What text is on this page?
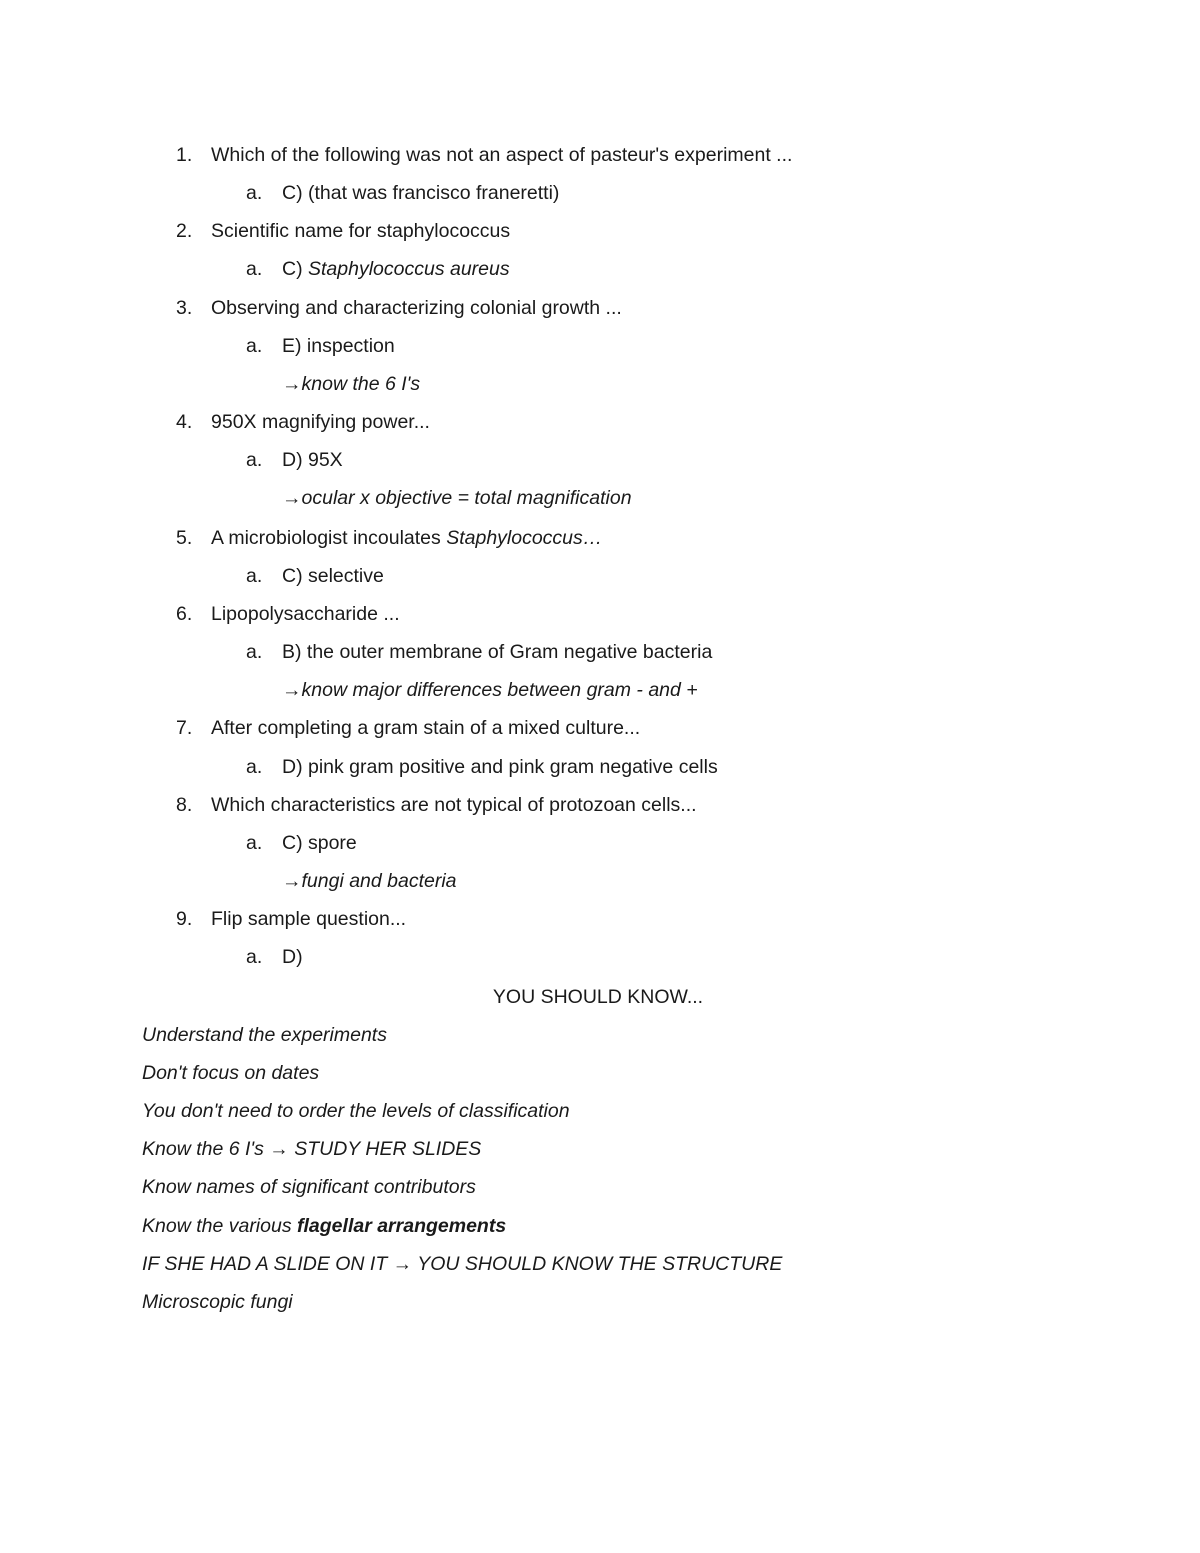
1. Which of the following was not an aspect of pasteur's experiment ...
a. C) (that was francisco franeretti)
2. Scientific name for staphylococcus
a. C) Staphylococcus aureus
3. Observing and characterizing colonial growth ...
a. E) inspection
→know the 6 I's
4. 950X magnifying power...
a. D) 95X
→ocular x objective = total magnification
5. A microbiologist incoulates Staphylococcus…
a. C) selective
6. Lipopolysaccharide ...
a. B) the outer membrane of Gram negative bacteria
→know major differences between gram - and +
7. After completing a gram stain of a mixed culture...
a. D) pink gram positive and pink gram negative cells
8. Which characteristics are not typical of protozoan cells...
a. C) spore
→fungi and bacteria
9. Flip sample question...
a. D)
YOU SHOULD KNOW...
Understand the experiments
Don't focus on dates
You don't need to order the levels of classification
Know the 6 I's → STUDY HER SLIDES
Know names of significant contributors
Know the various flagellar arrangements
IF SHE HAD A SLIDE ON IT → YOU SHOULD KNOW THE STRUCTURE
Microscopic fungi
